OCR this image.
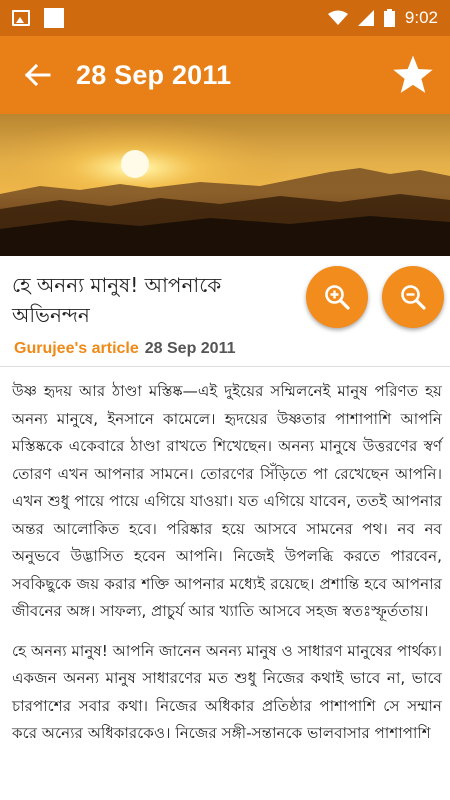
9:02
28 Sep 2011
হে অনন্য মানুষ! আপনাকে অভিনন্দন
Gurujee's article 28 Sep 2011

উষ্ণ হৃদয় আর ঠাণ্ডা মস্তিষ্ক—এই দুইয়ের সম্মিলনেই মানুষ পরিণত হয় অনন্য মানুষে, ইনসানে কামেলে। হৃদয়ের উষ্ণতার পাশাপাশি আপনি মস্তিষ্ককে একেবারে ঠাণ্ডা রাখতে শিখেছেন। অনন্য মানুষে উত্তরণের স্বর্ণ তোরণ এখন আপনার সামনে। তোরণের সিঁড়িতে পা রেখেছেন আপনি। এখন শুধু পায়ে পায়ে এগিয়ে যাওয়া। যত এগিয়ে যাবেন, ততই আপনার অন্তর আলোকিত হবে। পরিষ্কার হয়ে আসবে সামনের পথ। নব নব অনুভবে উদ্ভাসিত হবেন আপনি। নিজেই উপলব্ধি করতে পারবেন, সবকিছুকে জয় করার শক্তি আপনার মধ্যেই রয়েছে। প্রশান্তি হবে আপনার জীবনের অঙ্গ। সাফল্য, প্রাচুর্য আর খ্যাতি আসবে সহজ স্বতঃস্ফূর্ততায়।

হে অনন্য মানুষ! আপনি জানেন অনন্য মানুষ ও সাধারণ মানুষের পার্থক্য। একজন অনন্য মানুষ সাধারণের মত শুধু নিজের কথাই ভাবে না, ভাবে চারপাশের সবার কথা। নিজের অধিকার প্রতিষ্ঠার পাশাপাশি সে সম্মান করে অন্যের অধিকারকেও। নিজের সঙ্গী-সন্তানকে ভালবাসার পাশাপাশি
